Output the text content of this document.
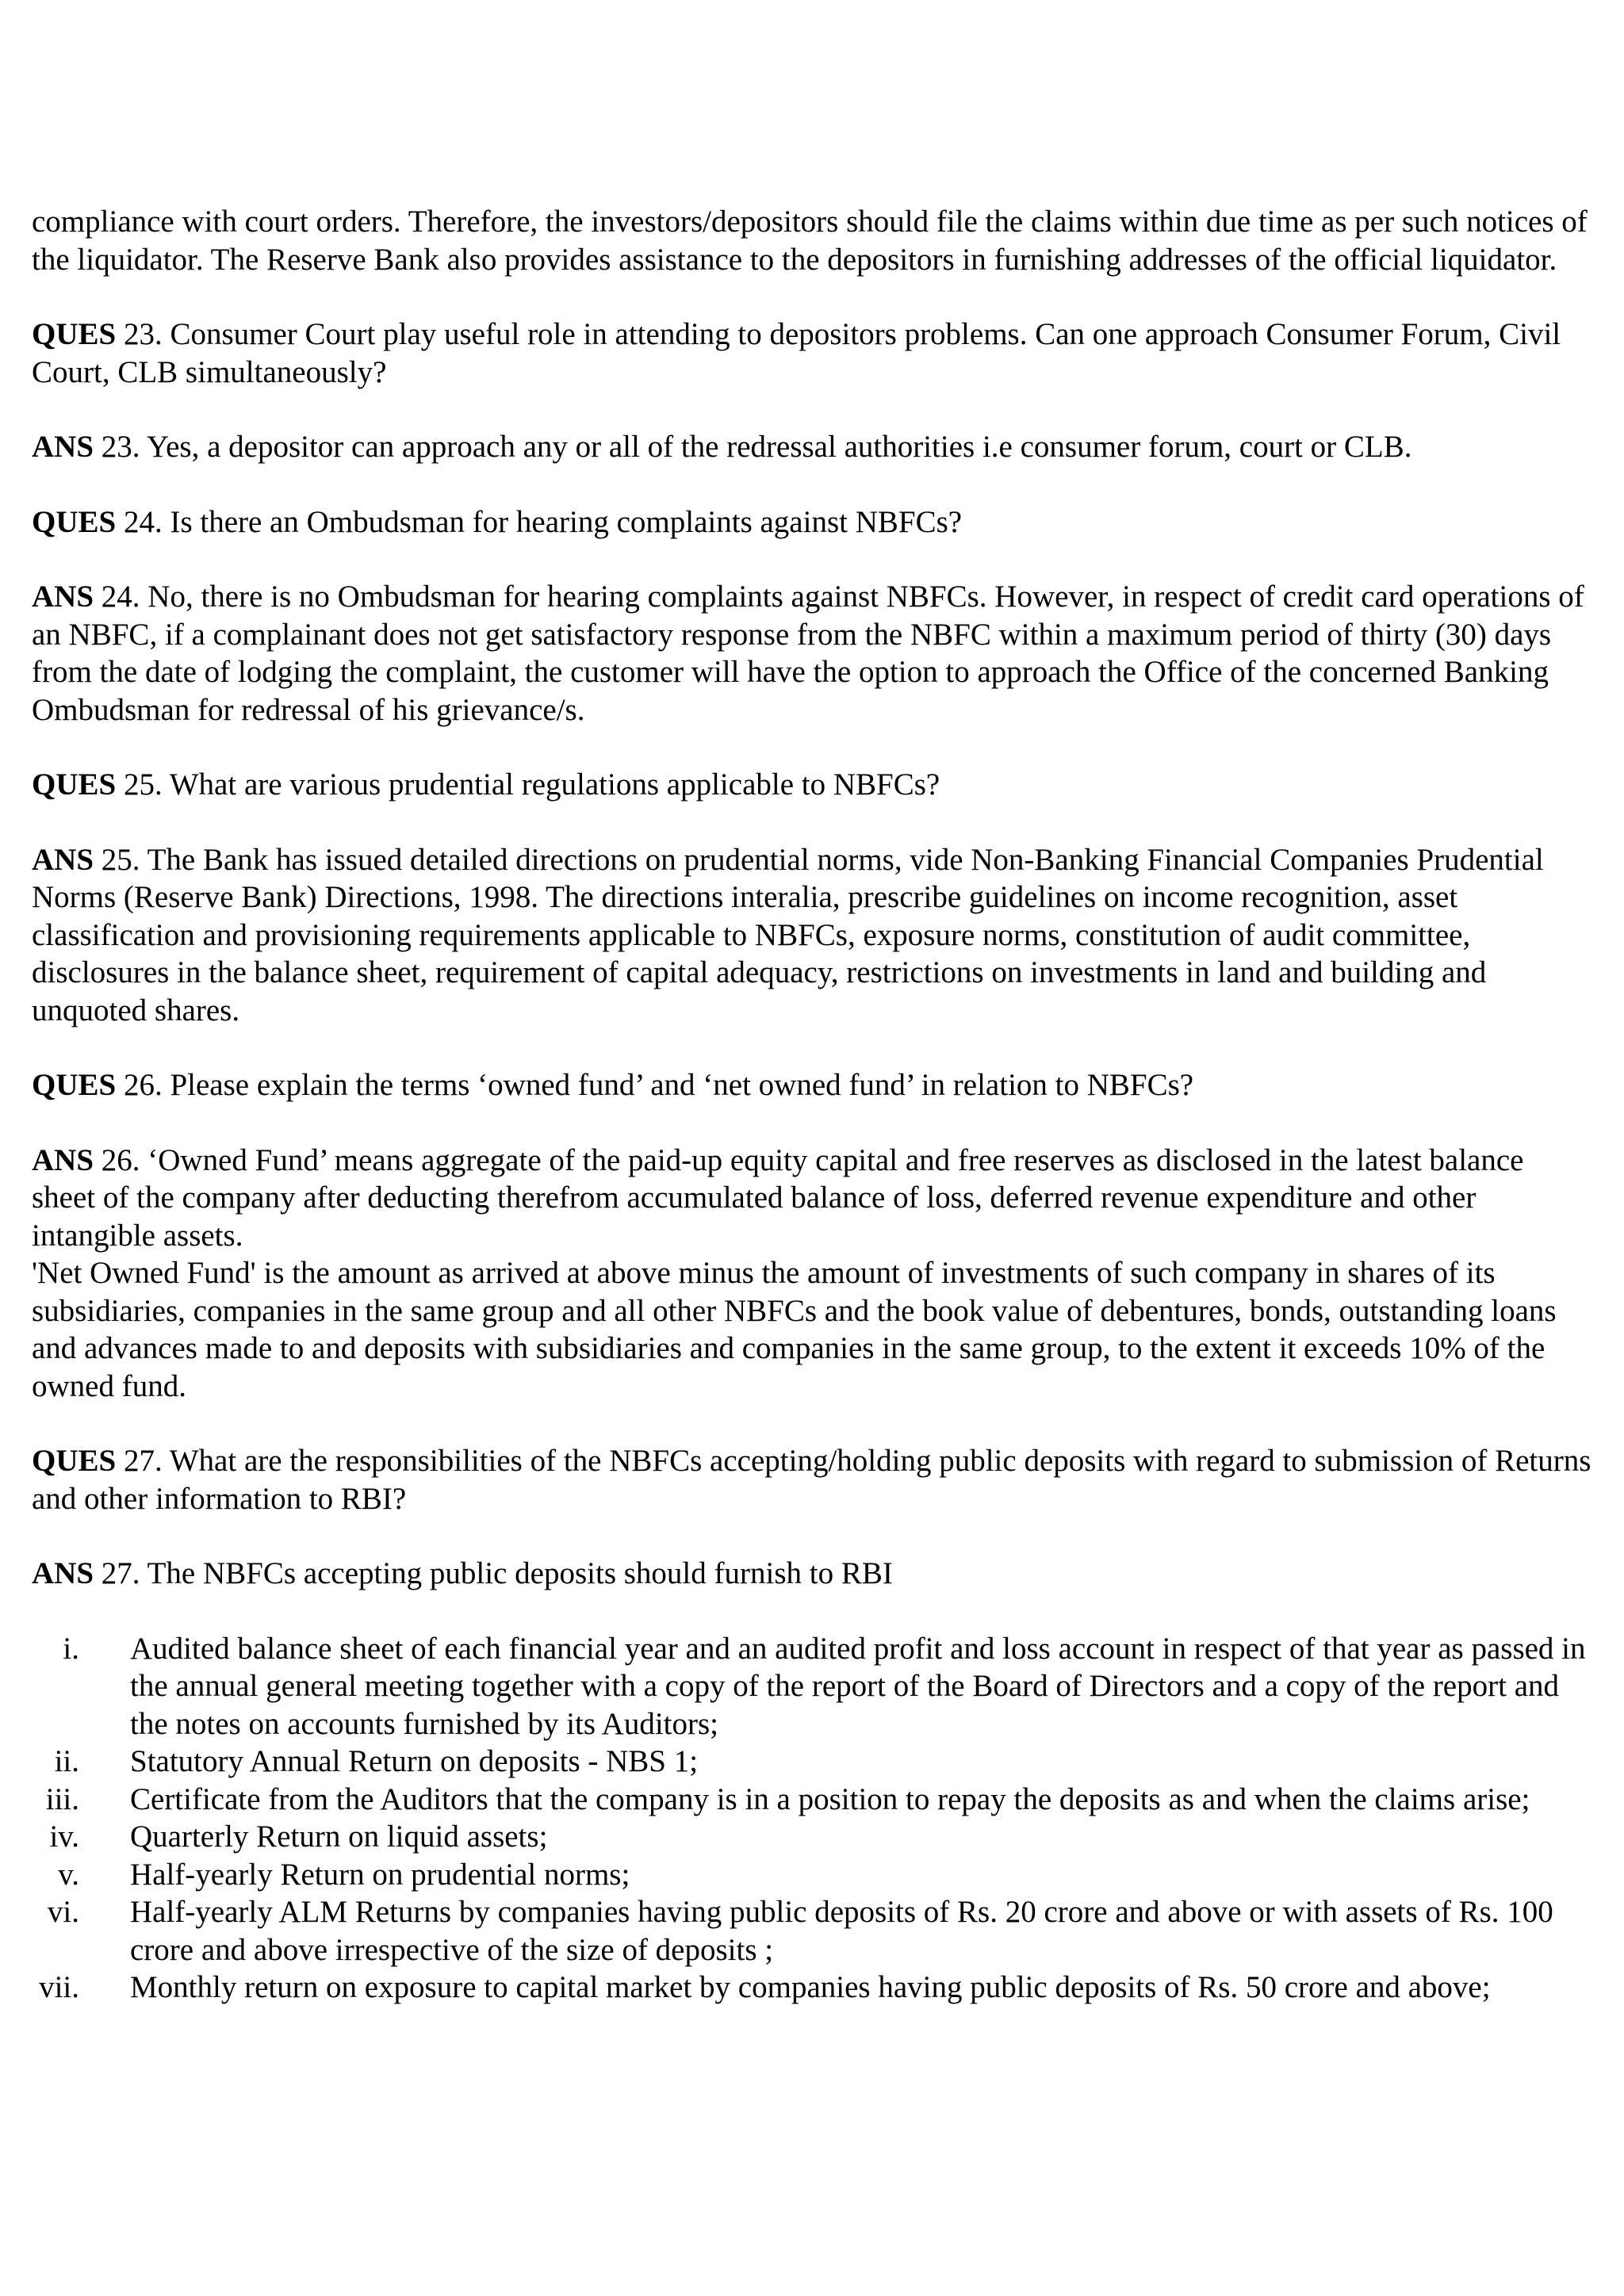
compliance with court orders. Therefore, the investors/depositors should file the claims within due time as per such notices of the liquidator. The Reserve Bank also provides assistance to the depositors in furnishing addresses of the official liquidator.

QUES 23. Consumer Court play useful role in attending to depositors problems. Can one approach Consumer Forum, Civil Court, CLB simultaneously?

ANS 23. Yes, a depositor can approach any or all of the redressal authorities i.e consumer forum, court or CLB.

QUES 24. Is there an Ombudsman for hearing complaints against NBFCs?

ANS 24. No, there is no Ombudsman for hearing complaints against NBFCs. However, in respect of credit card operations of an NBFC, if a complainant does not get satisfactory response from the NBFC within a maximum period of thirty (30) days from the date of lodging the complaint, the customer will have the option to approach the Office of the concerned Banking Ombudsman for redressal of his grievance/s.

QUES 25. What are various prudential regulations applicable to NBFCs?

ANS 25. The Bank has issued detailed directions on prudential norms, vide Non-Banking Financial Companies Prudential Norms (Reserve Bank) Directions, 1998. The directions interalia, prescribe guidelines on income recognition, asset classification and provisioning requirements applicable to NBFCs, exposure norms, constitution of audit committee, disclosures in the balance sheet, requirement of capital adequacy, restrictions on investments in land and building and unquoted shares.

QUES 26. Please explain the terms ‘owned fund’ and ‘net owned fund’ in relation to NBFCs?

ANS 26. ‘Owned Fund’ means aggregate of the paid-up equity capital and free reserves as disclosed in the latest balance sheet of the company after deducting therefrom accumulated balance of loss, deferred revenue expenditure and other intangible assets.
'Net Owned Fund' is the amount as arrived at above minus the amount of investments of such company in shares of its subsidiaries, companies in the same group and all other NBFCs and the book value of debentures, bonds, outstanding loans and advances made to and deposits with subsidiaries and companies in the same group, to the extent it exceeds 10% of the owned fund.

QUES 27. What are the responsibilities of the NBFCs accepting/holding public deposits with regard to submission of Returns and other information to RBI?

ANS 27. The NBFCs accepting public deposits should furnish to RBI

i. Audited balance sheet of each financial year and an audited profit and loss account in respect of that year as passed in the annual general meeting together with a copy of the report of the Board of Directors and a copy of the report and the notes on accounts furnished by its Auditors;
ii. Statutory Annual Return on deposits - NBS 1;
iii. Certificate from the Auditors that the company is in a position to repay the deposits as and when the claims arise;
iv. Quarterly Return on liquid assets;
v. Half-yearly Return on prudential norms;
vi. Half-yearly ALM Returns by companies having public deposits of Rs. 20 crore and above or with assets of Rs. 100 crore and above irrespective of the size of deposits ;
vii. Monthly return on exposure to capital market by companies having public deposits of Rs. 50 crore and above;
